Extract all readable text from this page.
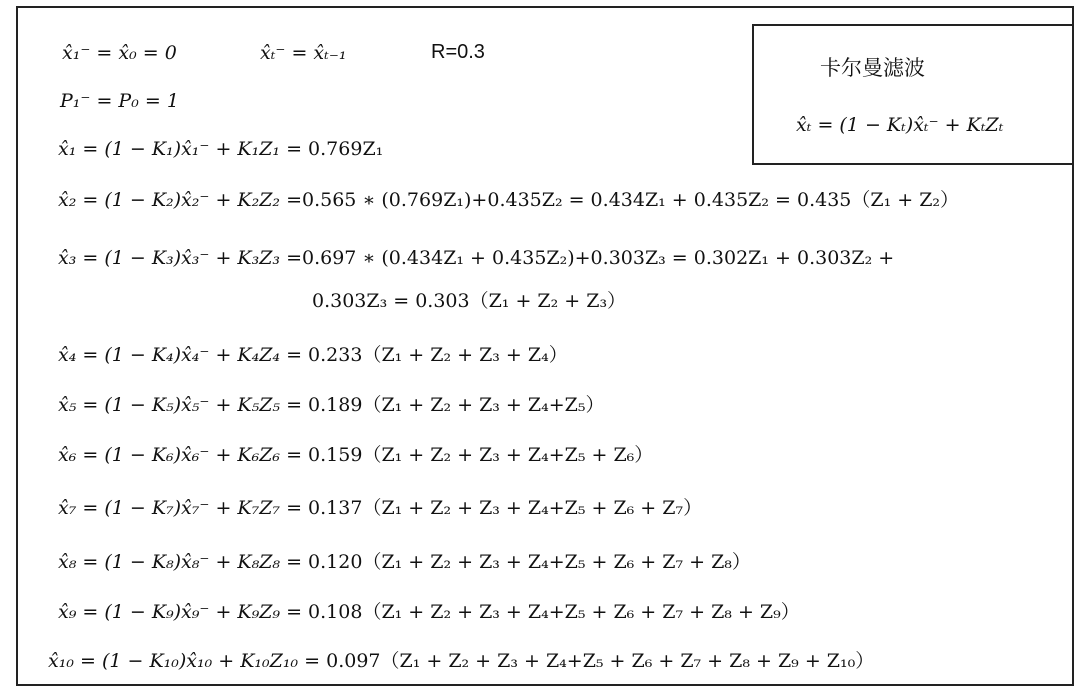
x̂₁⁻ = x̂₀ = 0	x̂ₜ⁻ = x̂ₜ₋₁	R=0.3
P₁⁻ = P₀ = 1
卡尔曼滤波
x̂ₜ = (1 − Kₜ)x̂ₜ⁻ + KₜZₜ
x̂₁ = (1 − K₁)x̂₁⁻ + K₁Z₁ = 0.769Z₁
x̂₂ = (1 − K₂)x̂₂⁻ + K₂Z₂ =0.565 ∗ (0.769Z₁)+0.435Z₂ = 0.434Z₁ + 0.435Z₂ = 0.435（Z₁ + Z₂）
x̂₃ = (1 − K₃)x̂₃⁻ + K₃Z₃ =0.697 ∗ (0.434Z₁ + 0.435Z₂)+0.303Z₃ = 0.302Z₁ + 0.303Z₂ +
0.303Z₃ = 0.303（Z₁ + Z₂ + Z₃）
x̂₄ = (1 − K₄)x̂₄⁻ + K₄Z₄ = 0.233（Z₁ + Z₂ + Z₃ + Z₄）
x̂₅ = (1 − K₅)x̂₅⁻ + K₅Z₅ = 0.189（Z₁ + Z₂ + Z₃ + Z₄+Z₅）
x̂₆ = (1 − K₆)x̂₆⁻ + K₆Z₆ = 0.159（Z₁ + Z₂ + Z₃ + Z₄+Z₅ + Z₆）
x̂₇ = (1 − K₇)x̂₇⁻ + K₇Z₇ = 0.137（Z₁ + Z₂ + Z₃ + Z₄+Z₅ + Z₆ + Z₇）
x̂₈ = (1 − K₈)x̂₈⁻ + K₈Z₈ = 0.120（Z₁ + Z₂ + Z₃ + Z₄+Z₅ + Z₆ + Z₇ + Z₈）
x̂₉ = (1 − K₉)x̂₉⁻ + K₉Z₉ = 0.108（Z₁ + Z₂ + Z₃ + Z₄+Z₅ + Z₆ + Z₇ + Z₈ + Z₉）
x̂₁₀ = (1 − K₁₀)x̂₁₀ + K₁₀Z₁₀ = 0.097（Z₁ + Z₂ + Z₃ + Z₄+Z₅ + Z₆ + Z₇ + Z₈ + Z₉ + Z₁₀）
